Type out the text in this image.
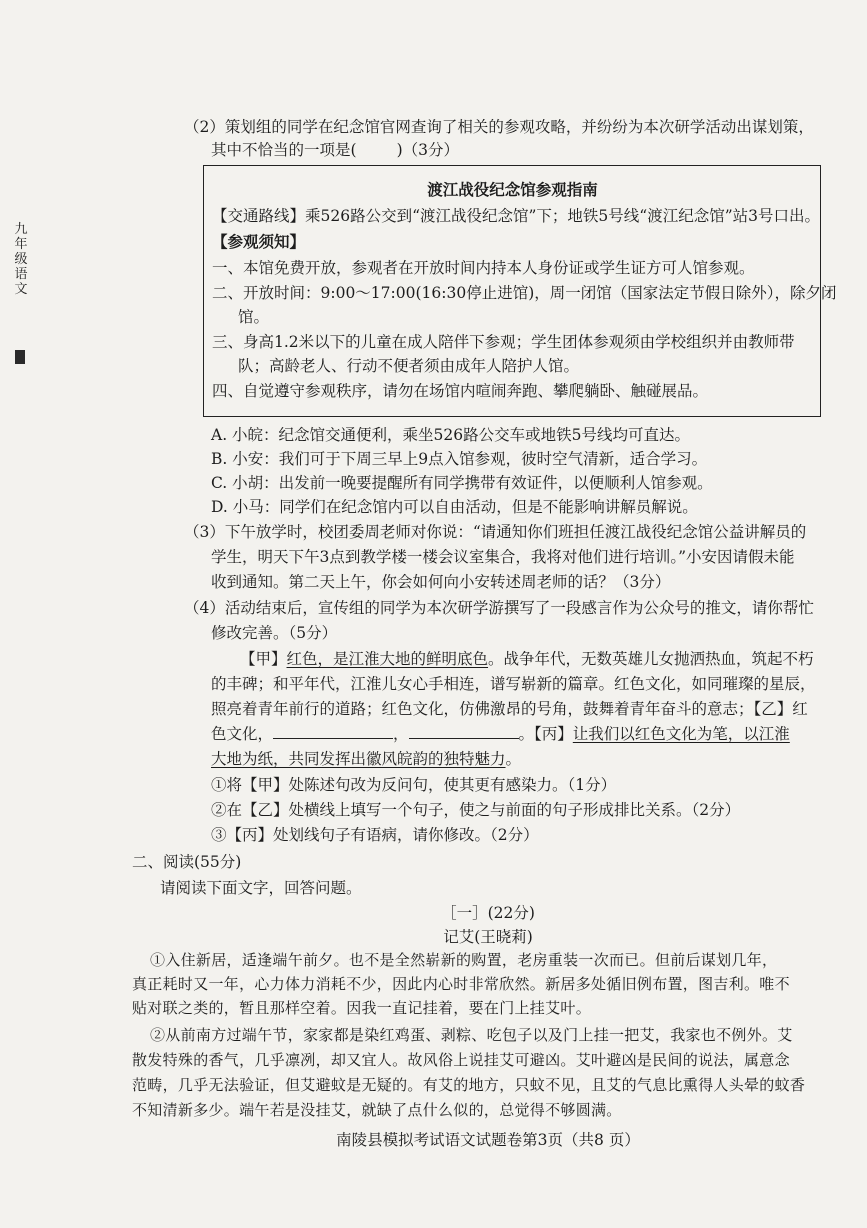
九
年
级
语
文
（2）策划组的同学在纪念馆官网查询了相关的参观攻略，并纷纷为本次研学活动出谋划策，
其中不恰当的一项是(	)（3分）
渡江战役纪念馆参观指南
【交通路线】乘526路公交到“渡江战役纪念馆”下；地铁5号线“渡江纪念馆”站3号口出。
【参观须知】
一、本馆免费开放，参观者在开放时间内持本人身份证或学生证方可人馆参观。
二、开放时间：9:00～17:00(16:30停止进馆)，周一闭馆（国家法定节假日除外），除夕闭
馆。
三、身高1.2米以下的儿童在成人陪伴下参观；学生团体参观须由学校组织并由教师带
队；高龄老人、行动不便者须由成年人陪护人馆。
四、自觉遵守参观秩序，请勿在场馆内喧闹奔跑、攀爬躺卧、触碰展品。
A. 小皖：纪念馆交通便利，乘坐526路公交车或地铁5号线均可直达。
B. 小安：我们可于下周三早上9点入馆参观，彼时空气清新，适合学习。
C. 小胡：出发前一晚要提醒所有同学携带有效证件，以便顺利人馆参观。
D. 小马：同学们在纪念馆内可以自由活动，但是不能影响讲解员解说。
（3）下午放学时，校团委周老师对你说：“请通知你们班担任渡江战役纪念馆公益讲解员的
学生，明天下午3点到教学楼一楼会议室集合，我将对他们进行培训。”小安因请假未能
收到通知。第二天上午，你会如何向小安转述周老师的话？（3分）
（4）活动结束后，宣传组的同学为本次研学游撰写了一段感言作为公众号的推文，请你帮忙
修改完善。（5分）
【甲】红色，是江淮大地的鲜明底色。战争年代，无数英雄儿女抛洒热血，筑起不朽
的丰碑；和平年代，江淮儿女心手相连，谱写崭新的篇章。红色文化，如同璀璨的星辰，
照亮着青年前行的道路；红色文化，仿佛激昂的号角，鼓舞着青年奋斗的意志；【乙】红
色文化，	，	。【丙】让我们以红色文化为笔，以江淮
大地为纸，共同发挥出徽风皖韵的独特魅力。
①将【甲】处陈述句改为反问句，使其更有感染力。（1分）
②在【乙】处横线上填写一个句子，使之与前面的句子形成排比关系。（2分）
③【丙】处划线句子有语病，请你修改。（2分）
二、阅读(55分)
请阅读下面文字，回答问题。
［一］(22分)
记艾(王晓莉)
①入住新居，适逢端午前夕。也不是全然崭新的购置，老房重装一次而已。但前后谋划几年，
真正耗时又一年，心力体力消耗不少，因此内心时非常欣然。新居多处循旧例布置，图吉利。唯不
贴对联之类的，暂且那样空着。因我一直记挂着，要在门上挂艾叶。
②从前南方过端午节，家家都是染红鸡蛋、剥粽、吃包子以及门上挂一把艾，我家也不例外。艾
散发特殊的香气，几乎凛冽，却又宜人。故风俗上说挂艾可避凶。艾叶避凶是民间的说法，属意念
范畴，几乎无法验证，但艾避蚊是无疑的。有艾的地方，只蚊不见，且艾的气息比熏得人头晕的蚊香
不知清新多少。端午若是没挂艾，就缺了点什么似的，总觉得不够圆满。
南陵县模拟考试语文试题卷第3页（共8 页）
